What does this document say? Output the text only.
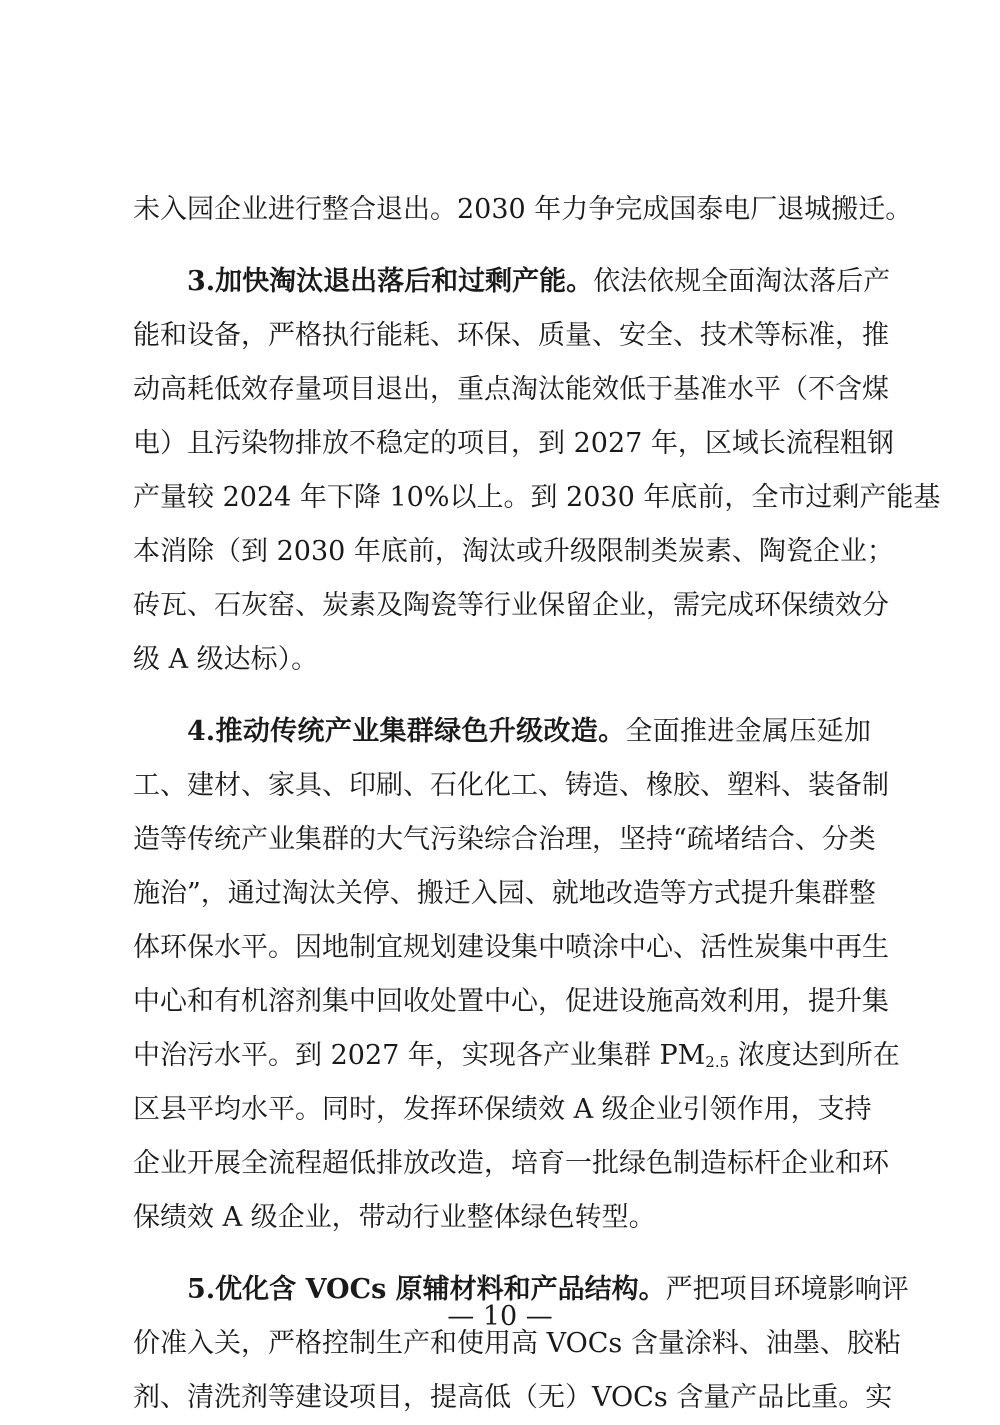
未入园企业进行整合退出。2030 年力争完成国泰电厂退城搬迁。
3.加快淘汰退出落后和过剩产能。依法依规全面淘汰落后产
能和设备，严格执行能耗、环保、质量、安全、技术等标准，推
动高耗低效存量项目退出，重点淘汰能效低于基准水平（不含煤
电）且污染物排放不稳定的项目，到 2027 年，区域长流程粗钢
产量较 2024 年下降 10%以上。到 2030 年底前，全市过剩产能基
本消除（到 2030 年底前，淘汰或升级限制类炭素、陶瓷企业；
砖瓦、石灰窑、炭素及陶瓷等行业保留企业，需完成环保绩效分
级 A 级达标）。
4.推动传统产业集群绿色升级改造。全面推进金属压延加
工、建材、家具、印刷、石化化工、铸造、橡胶、塑料、装备制
造等传统产业集群的大气污染综合治理，坚持“疏堵结合、分类
施治”，通过淘汰关停、搬迁入园、就地改造等方式提升集群整
体环保水平。因地制宜规划建设集中喷涂中心、活性炭集中再生
中心和有机溶剂集中回收处置中心，促进设施高效利用，提升集
中治污水平。到 2027 年，实现各产业集群 $PM_{2.5}$ 浓度达到所在
区县平均水平。同时，发挥环保绩效 A 级企业引领作用，支持
企业开展全流程超低排放改造，培育一批绿色制造标杆企业和环
保绩效 A 级企业，带动行业整体绿色转型。
5.优化含 VOCs 原辅材料和产品结构。严把项目环境影响评
价准入关，严格控制生产和使用高 VOCs 含量涂料、油墨、胶粘
剂、清洗剂等建设项目，提高低（无）VOCs 含量产品比重。实
— 10 —
